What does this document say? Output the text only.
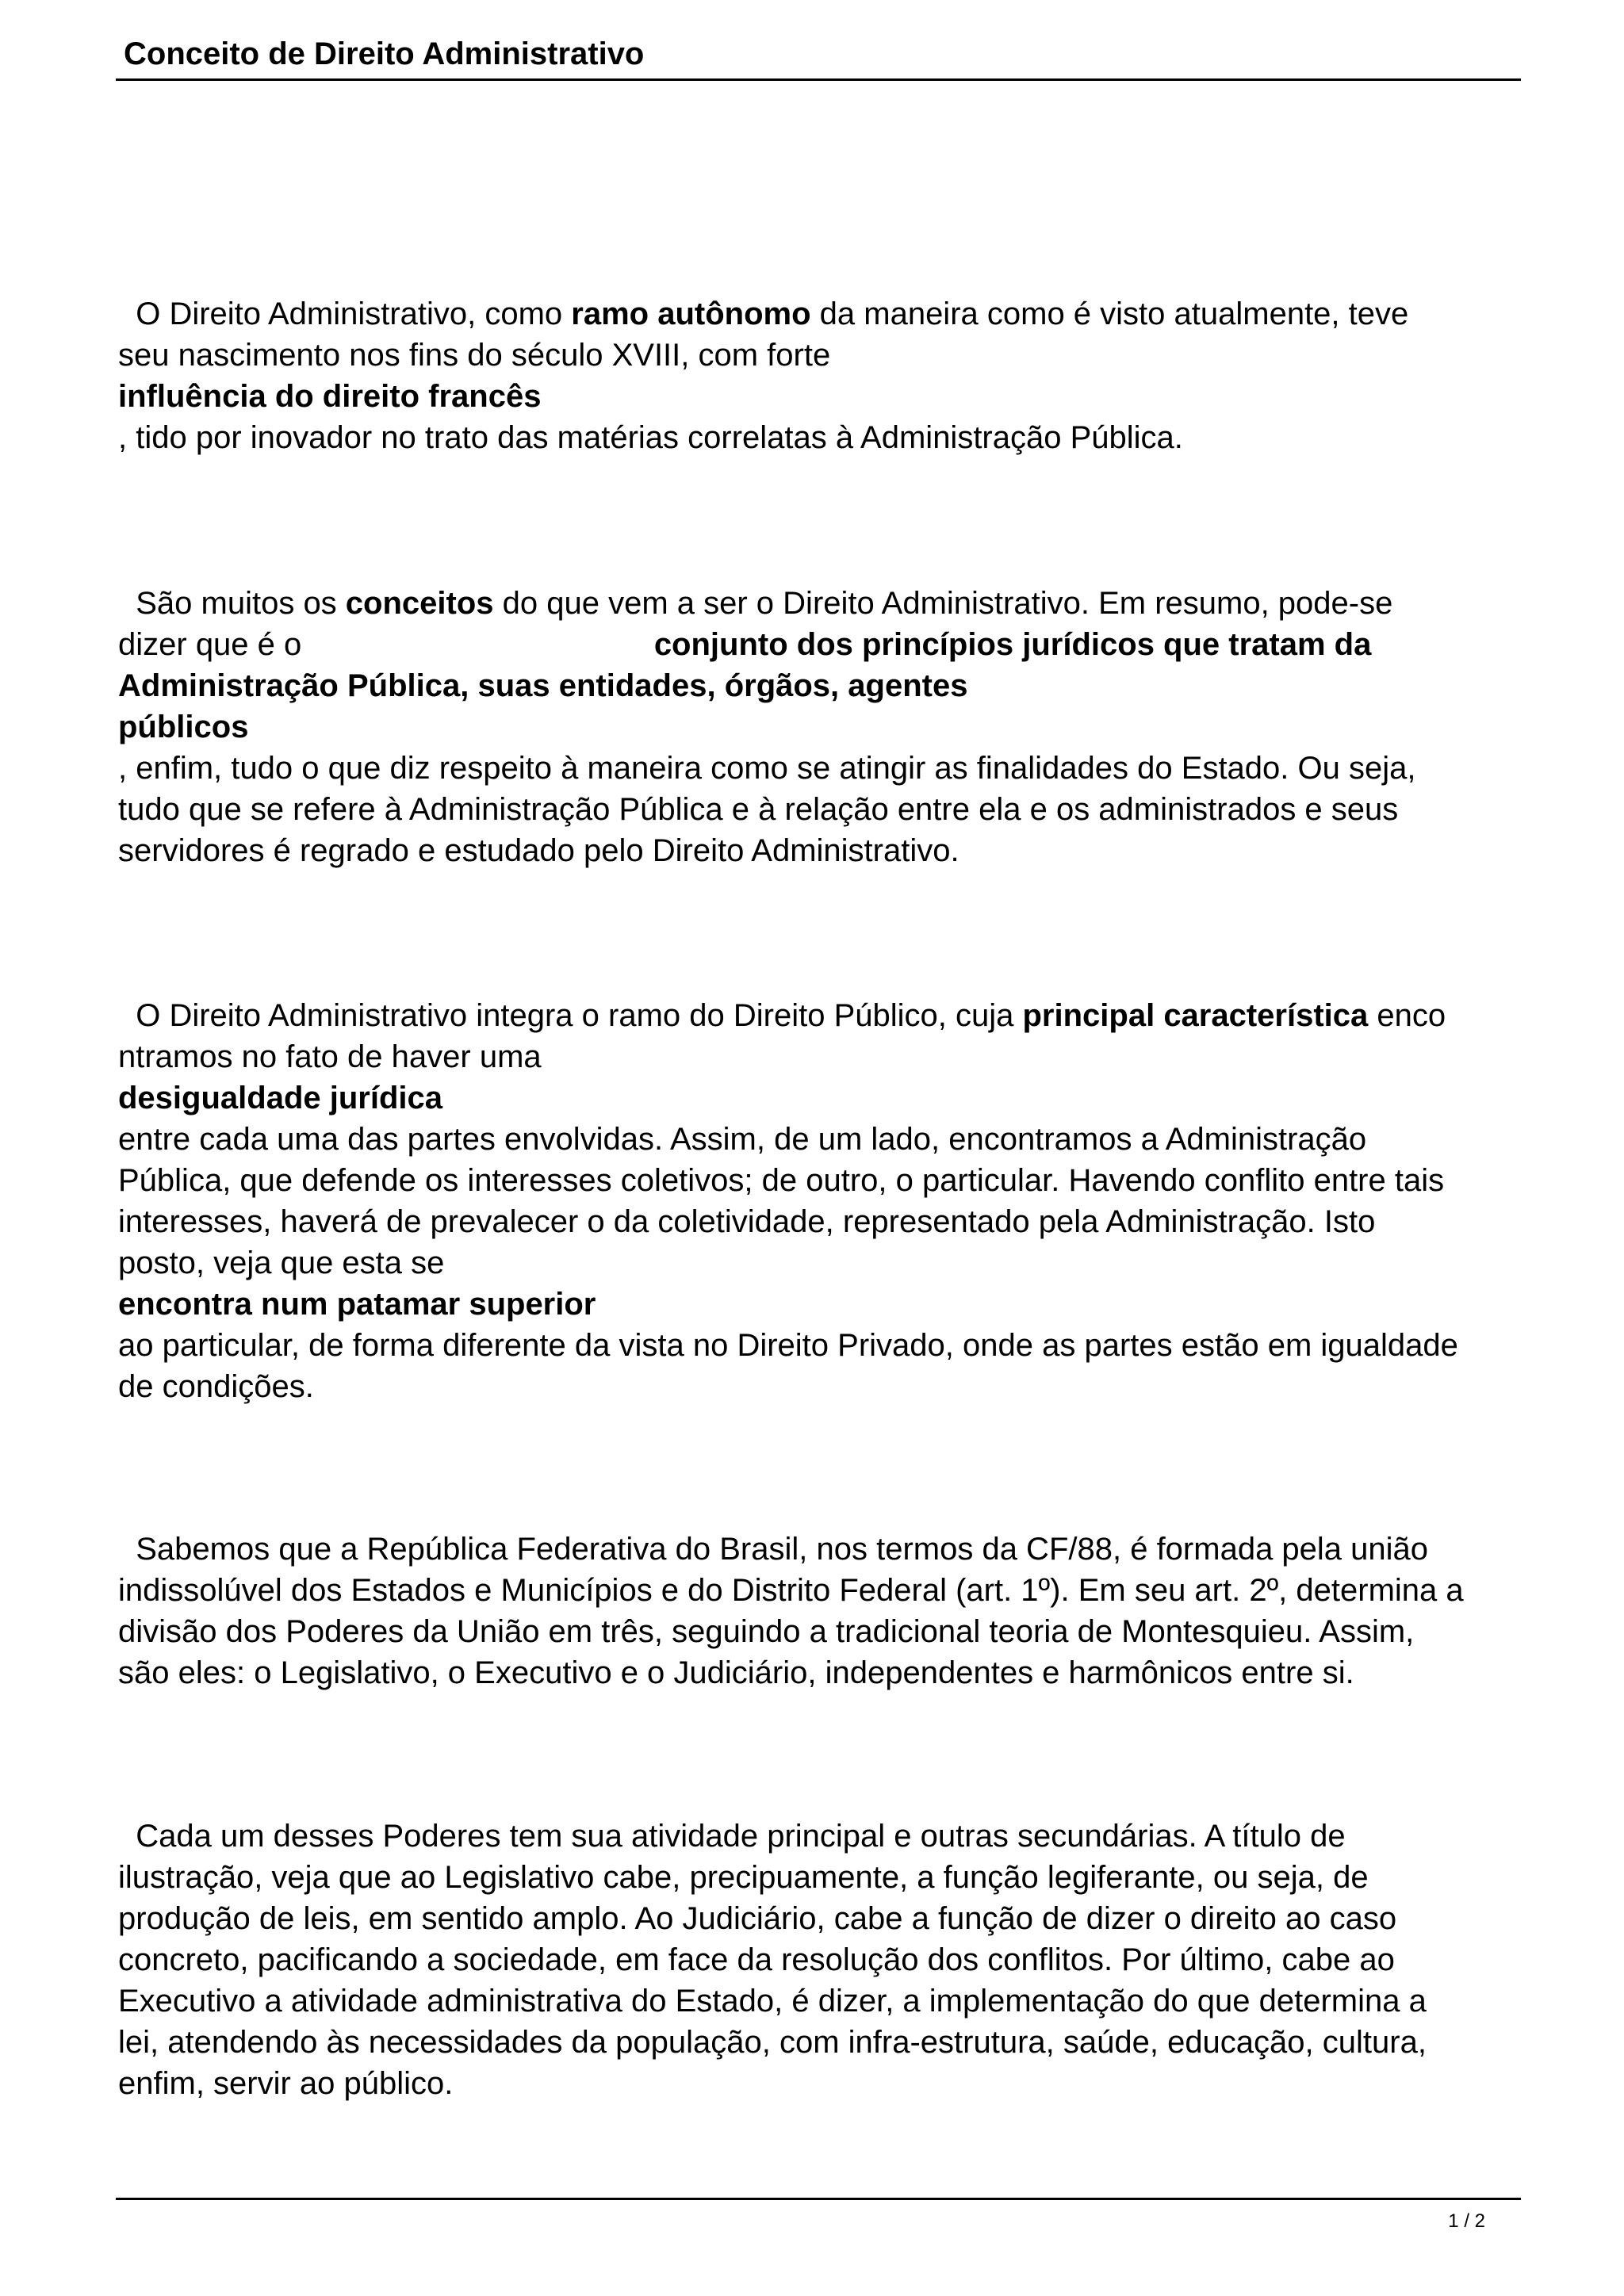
Conceito de Direito Administrativo
O Direito Administrativo, como ramo autônomo da maneira como é visto atualmente, teve
seu nascimento nos fins do século XVIII, com forte
influência do direito francês
, tido por inovador no trato das matérias correlatas à Administração Pública.
São muitos os conceitos do que vem a ser o Direito Administrativo. Em resumo, pode-se
dizer que é o                                        conjunto dos princípios jurídicos que tratam da
Administração Pública, suas entidades, órgãos, agentes
públicos
, enfim, tudo o que diz respeito à maneira como se atingir as finalidades do Estado. Ou seja,
tudo que se refere à Administração Pública e à relação entre ela e os administrados e seus
servidores é regrado e estudado pelo Direito Administrativo.
O Direito Administrativo integra o ramo do Direito Público, cuja principal característica enco
ntramos no fato de haver uma
desigualdade jurídica
entre cada uma das partes envolvidas. Assim, de um lado, encontramos a Administração
Pública, que defende os interesses coletivos; de outro, o particular. Havendo conflito entre tais
interesses, haverá de prevalecer o da coletividade, representado pela Administração. Isto
posto, veja que esta se
encontra num patamar superior
ao particular, de forma diferente da vista no Direito Privado, onde as partes estão em igualdade
de condições.
Sabemos que a República Federativa do Brasil, nos termos da CF/88, é formada pela união
indissolúvel dos Estados e Municípios e do Distrito Federal (art. 1º). Em seu art. 2º, determina a
divisão dos Poderes da União em três, seguindo a tradicional teoria de Montesquieu. Assim,
são eles: o Legislativo, o Executivo e o Judiciário, independentes e harmônicos entre si.
Cada um desses Poderes tem sua atividade principal e outras secundárias. A título de
ilustração, veja que ao Legislativo cabe, precipuamente, a função legiferante, ou seja, de
produção de leis, em sentido amplo. Ao Judiciário, cabe a função de dizer o direito ao caso
concreto, pacificando a sociedade, em face da resolução dos conflitos. Por último, cabe ao
Executivo a atividade administrativa do Estado, é dizer, a implementação do que determina a
lei, atendendo às necessidades da população, com infra-estrutura, saúde, educação, cultura,
enfim, servir ao público.
1 / 2
